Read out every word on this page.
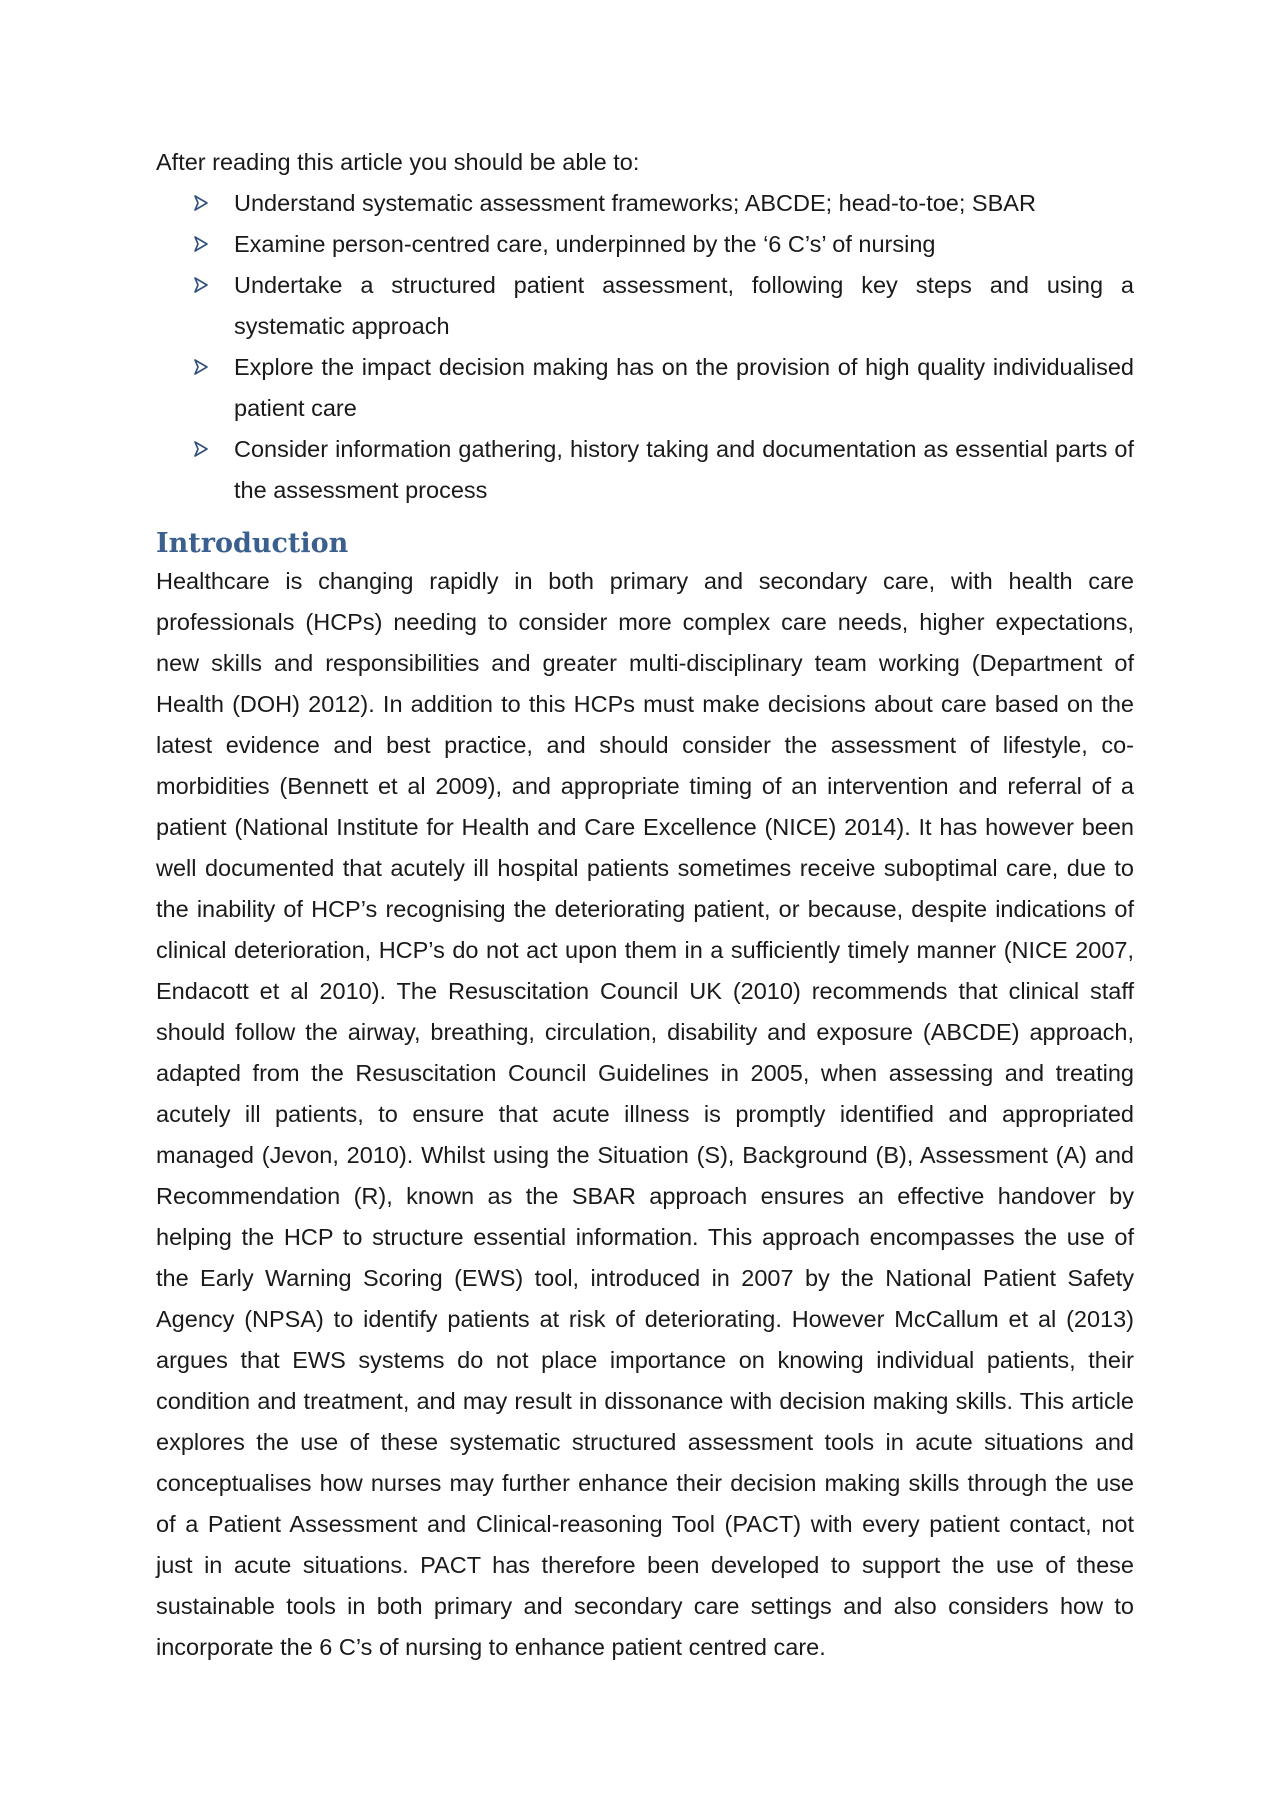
After reading this article you should be able to:

Understand systematic assessment frameworks; ABCDE; head-to-toe; SBAR
Examine person-centred care, underpinned by the ‘6 C’s’ of nursing
Undertake a structured patient assessment, following key steps and using a systematic approach
Explore the impact decision making has on the provision of high quality individualised patient care
Consider information gathering, history taking and documentation as essential parts of the assessment process
Introduction

Healthcare is changing rapidly in both primary and secondary care, with health care professionals (HCPs) needing to consider more complex care needs, higher expectations, new skills and responsibilities and greater multi-disciplinary team working (Department of Health (DOH) 2012). In addition to this HCPs must make decisions about care based on the latest evidence and best practice, and should consider the assessment of lifestyle, co-morbidities (Bennett et al 2009), and appropriate timing of an intervention and referral of a patient (National Institute for Health and Care Excellence (NICE) 2014). It has however been well documented that acutely ill hospital patients sometimes receive suboptimal care, due to the inability of HCP’s recognising the deteriorating patient, or because, despite indications of clinical deterioration, HCP’s do not act upon them in a sufficiently timely manner (NICE 2007, Endacott et al 2010). The Resuscitation Council UK (2010) recommends that clinical staff should follow the airway, breathing, circulation, disability and exposure (ABCDE) approach, adapted from the Resuscitation Council Guidelines in 2005, when assessing and treating acutely ill patients, to ensure that acute illness is promptly identified and appropriated managed (Jevon, 2010). Whilst using the Situation (S), Background (B), Assessment (A) and Recommendation (R), known as the SBAR approach ensures an effective handover by helping the HCP to structure essential information. This approach encompasses the use of the Early Warning Scoring (EWS) tool, introduced in 2007 by the National Patient Safety Agency (NPSA) to identify patients at risk of deteriorating. However McCallum et al (2013) argues that EWS systems do not place importance on knowing individual patients, their condition and treatment, and may result in dissonance with decision making skills. This article explores the use of these systematic structured assessment tools in acute situations and conceptualises how nurses may further enhance their decision making skills through the use of a Patient Assessment and Clinical-reasoning Tool (PACT) with every patient contact, not just in acute situations. PACT has therefore been developed to support the use of these sustainable tools in both primary and secondary care settings and also considers how to incorporate the 6 C’s of nursing to enhance patient centred care.
